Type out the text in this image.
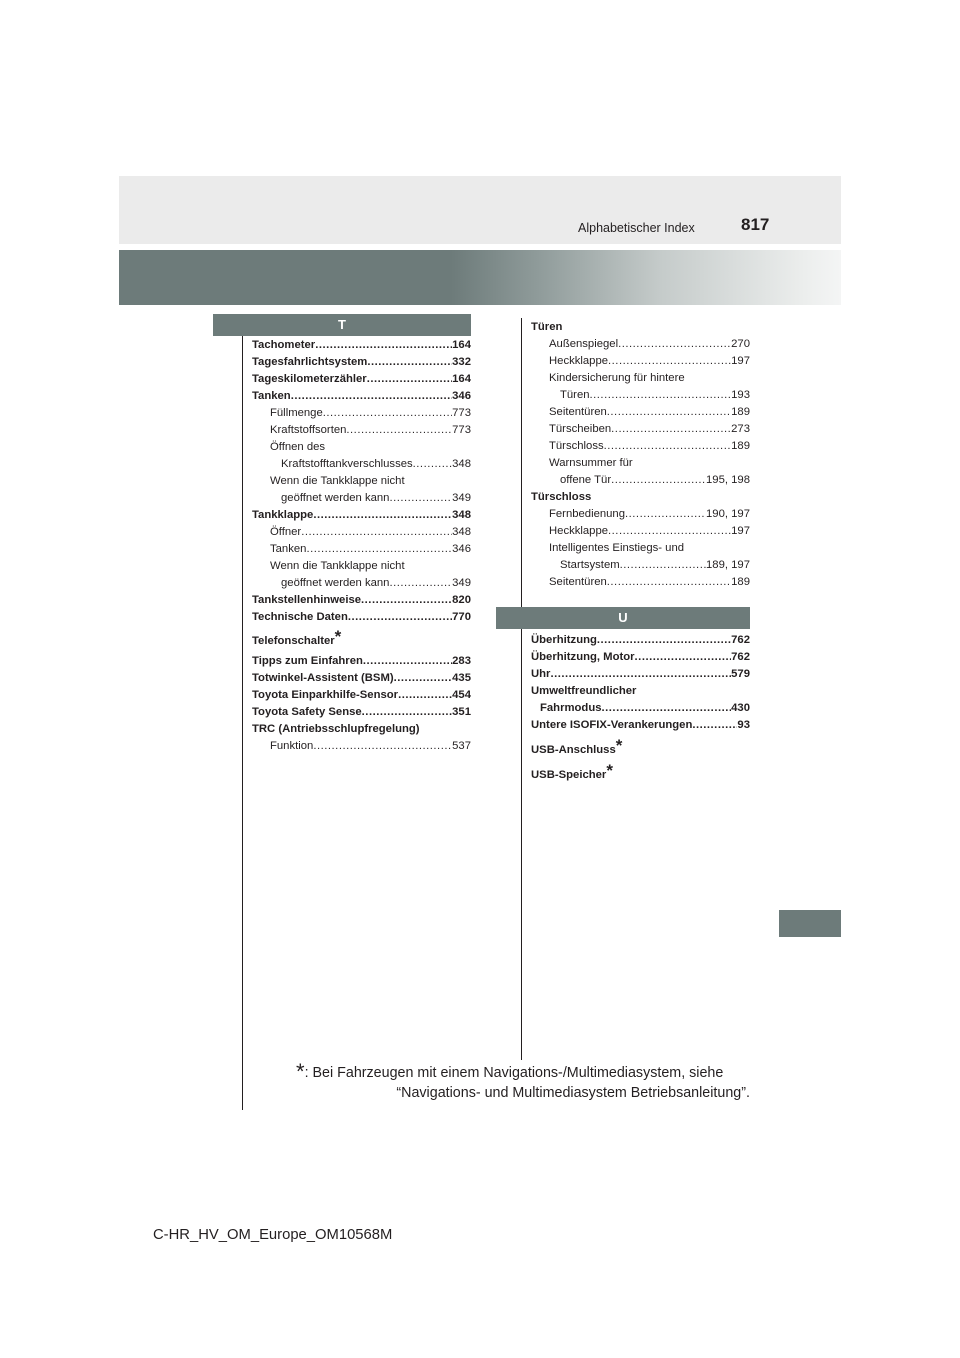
Alphabetischer Index	817
T
U
Tachometer .....	164
Tagesfahrlichtsystem .....	332
Tageskilometerzähler .....	164
Tanken .....	346
Füllmenge .....	773
Kraftstoffsorten .....	773
Öffnen des
Kraftstofftankverschlusses .....	348
Wenn die Tankklappe nicht
geöffnet werden kann .....	349
Tankklappe .....	348
Öffner .....	348
Tanken .....	346
Wenn die Tankklappe nicht
geöffnet werden kann .....	349
Tankstellenhinweise .....	820
Technische Daten .....	770
Telefonschalter*
Tipps zum Einfahren .....	283
Totwinkel-Assistent (BSM) .....	435
Toyota Einparkhilfe-Sensor .....	454
Toyota Safety Sense .....	351
TRC (Antriebsschlupfregelung)
Funktion .....	537
Türen
Außenspiegel .....	270
Heckklappe .....	197
Kindersicherung für hintere
Türen .....	193
Seitentüren .....	189
Türscheiben .....	273
Türschloss .....	189
Warnsummer für
offene Tür .....	195, 198
Türschloss
Fernbedienung .....	190, 197
Heckklappe .....	197
Intelligentes Einstiegs- und
Startsystem .....	189, 197
Seitentüren .....	189
Überhitzung .....	762
Überhitzung, Motor .....	762
Uhr .....	579
Umweltfreundlicher
Fahrmodus .....	430
Untere ISOFIX-Verankerungen .....	93
USB-Anschluss*
USB-Speicher*
*: Bei Fahrzeugen mit einem Navigations-/Multimediasystem, siehe
“Navigations- und Multimediasystem Betriebsanleitung”.
C-HR_HV_OM_Europe_OM10568M
